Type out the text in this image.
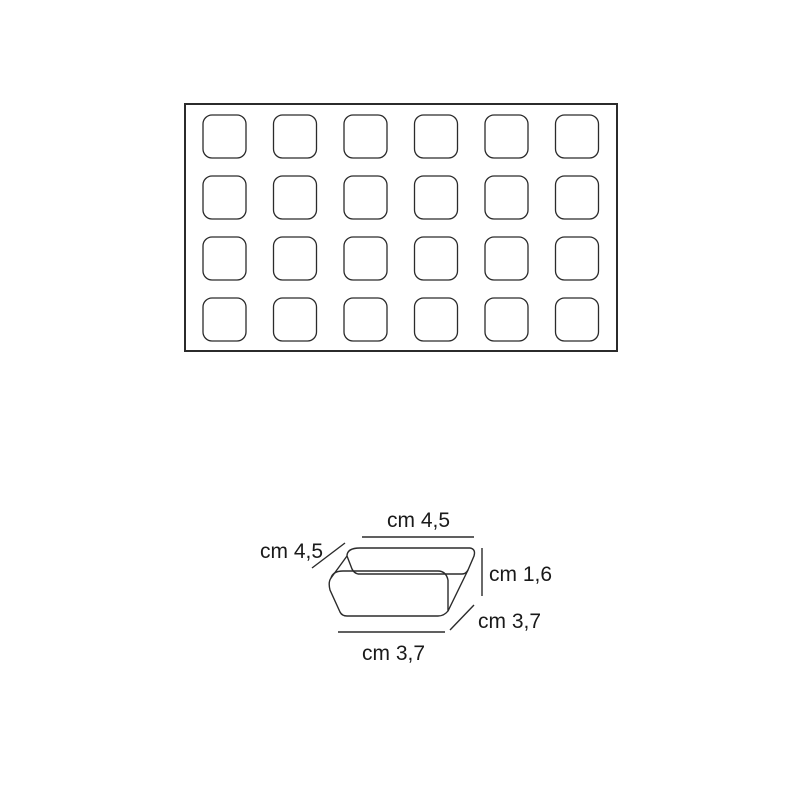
cm 4,5
cm 4,5
cm 1,6
cm 3,7
cm 3,7
